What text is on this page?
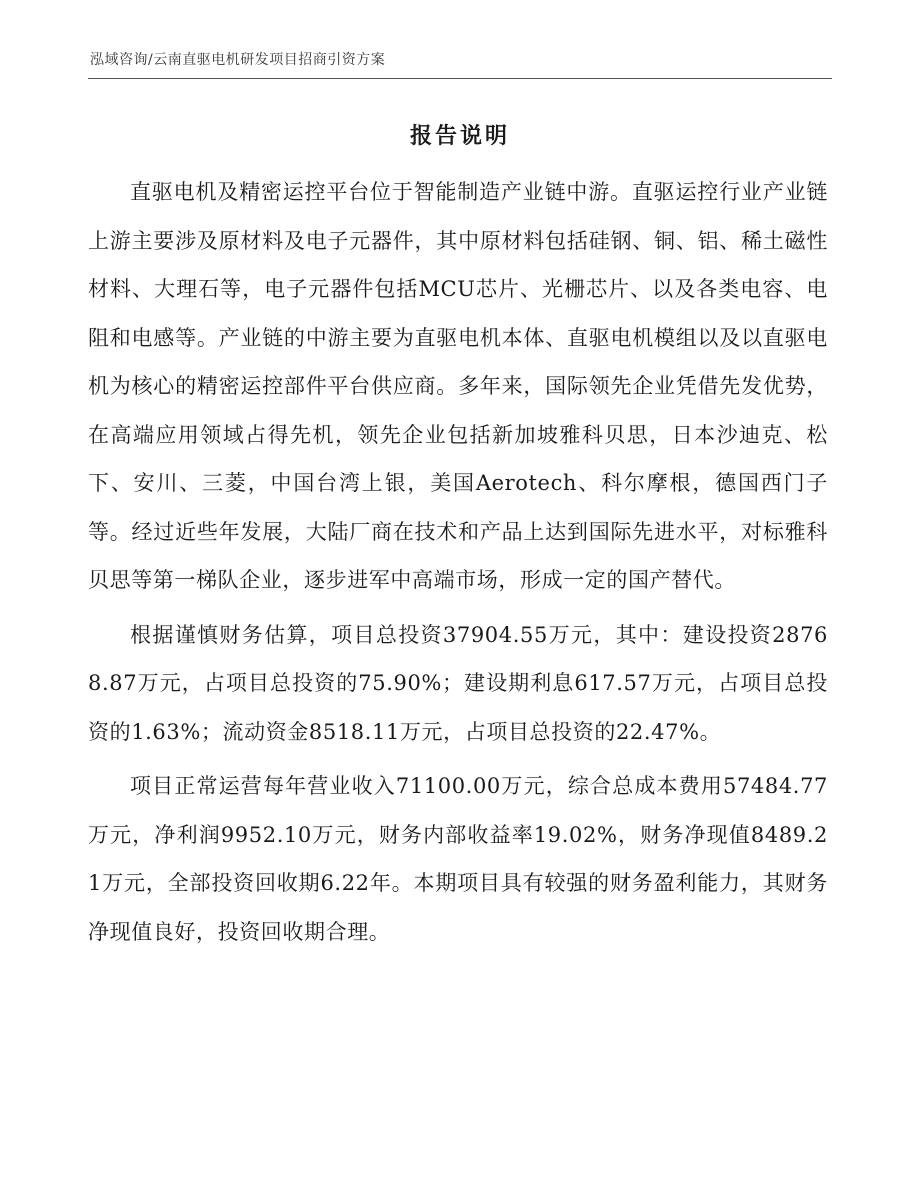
泓域咨询/云南直驱电机研发项目招商引资方案
报告说明

直驱电机及精密运控平台位于智能制造产业链中游。直驱运控行业产业链上游主要涉及原材料及电子元器件，其中原材料包括硅钢、铜、铝、稀土磁性材料、大理石等，电子元器件包括MCU芯片、光栅芯片、以及各类电容、电阻和电感等。产业链的中游主要为直驱电机本体、直驱电机模组以及以直驱电机为核心的精密运控部件平台供应商。多年来，国际领先企业凭借先发优势，在高端应用领域占得先机，领先企业包括新加坡雅科贝思，日本沙迪克、松下、安川、三菱，中国台湾上银，美国Aerotech、科尔摩根，德国西门子等。经过近些年发展，大陆厂商在技术和产品上达到国际先进水平，对标雅科贝思等第一梯队企业，逐步进军中高端市场，形成一定的国产替代。

根据谨慎财务估算，项目总投资37904.55万元，其中：建设投资28768.87万元，占项目总投资的75.90%；建设期利息617.57万元，占项目总投资的1.63%；流动资金8518.11万元，占项目总投资的22.47%。

项目正常运营每年营业收入71100.00万元，综合总成本费用57484.77万元，净利润9952.10万元，财务内部收益率19.02%，财务净现值8489.21万元，全部投资回收期6.22年。本期项目具有较强的财务盈利能力，其财务净现值良好，投资回收期合理。
